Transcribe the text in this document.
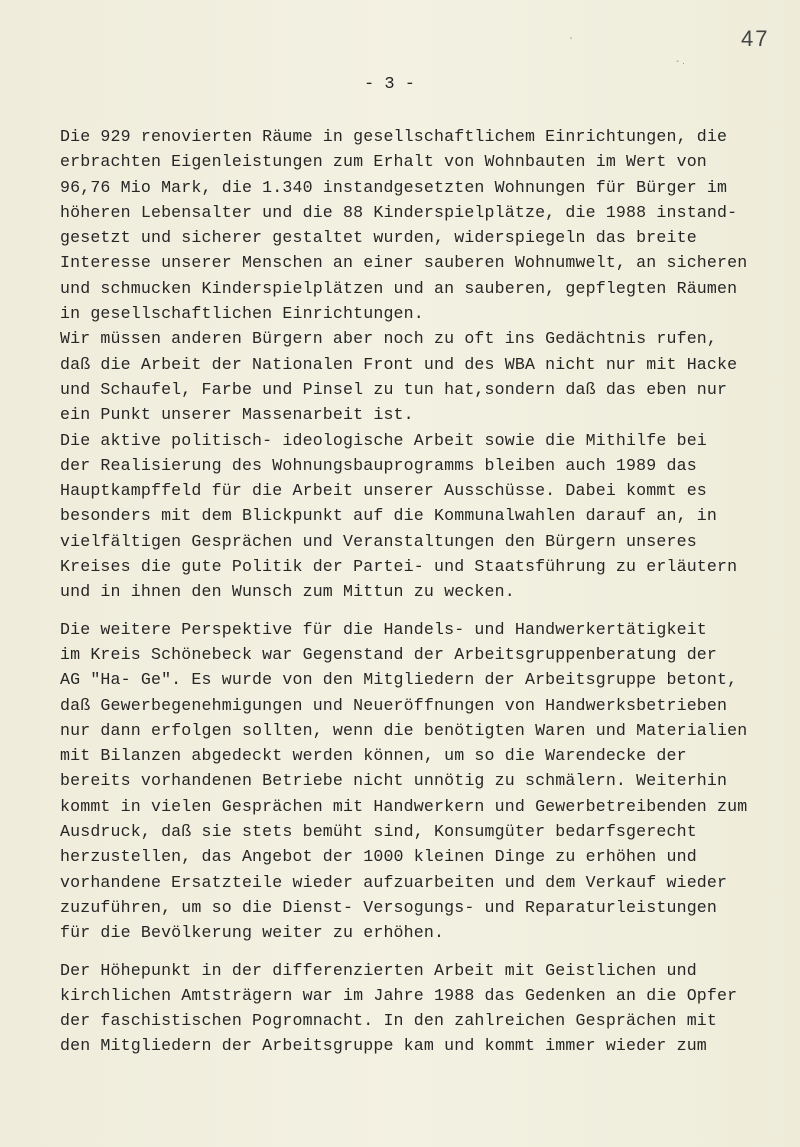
'
- .
47
- 3 -
Die 929 renovierten Räume in gesellschaftlichem Einrichtungen, die
erbrachten Eigenleistungen zum Erhalt von Wohnbauten im Wert von
96,76 Mio Mark, die 1.340 instandgesetzten Wohnungen für Bürger im
höheren Lebensalter und die 88 Kinderspielplätze, die 1988 instand-
gesetzt und sicherer gestaltet wurden, widerspiegeln das breite
Interesse unserer Menschen an einer sauberen Wohnumwelt, an sicheren
und schmucken Kinderspielplätzen und an sauberen, gepflegten Räumen
in gesellschaftlichen Einrichtungen.
Wir müssen anderen Bürgern aber noch zu oft ins Gedächtnis rufen,
daß die Arbeit der Nationalen Front und des WBA nicht nur mit Hacke
und Schaufel, Farbe und Pinsel zu tun hat,sondern daß das eben nur
ein Punkt unserer Massenarbeit ist.
Die aktive politisch- ideologische Arbeit sowie die Mithilfe bei
der Realisierung des Wohnungsbauprogramms bleiben auch 1989 das
Hauptkampffeld für die Arbeit unserer Ausschüsse. Dabei kommt es
besonders mit dem Blickpunkt auf die Kommunalwahlen darauf an, in
vielfältigen Gesprächen und Veranstaltungen den Bürgern unseres
Kreises die gute Politik der Partei- und Staatsführung zu erläutern
und in ihnen den Wunsch zum Mittun zu wecken.
Die weitere Perspektive für die Handels- und Handwerkertätigkeit
im Kreis Schönebeck war Gegenstand der Arbeitsgruppenberatung der
AG "Ha- Ge". Es wurde von den Mitgliedern der Arbeitsgruppe betont,
daß Gewerbegenehmigungen und Neueröffnungen von Handwerksbetrieben
nur dann erfolgen sollten, wenn die benötigten Waren und Materialien
mit Bilanzen abgedeckt werden können, um so die Warendecke der
bereits vorhandenen Betriebe nicht unnötig zu schmälern. Weiterhin
kommt in vielen Gesprächen mit Handwerkern und Gewerbetreibenden zum
Ausdruck, daß sie stets bemüht sind, Konsumgüter bedarfsgerecht
herzustellen, das Angebot der 1000 kleinen Dinge zu erhöhen und
vorhandene Ersatzteile wieder aufzuarbeiten und dem Verkauf wieder
zuzuführen, um so die Dienst- Versogungs- und Reparaturleistungen
für die Bevölkerung weiter zu erhöhen.
Der Höhepunkt in der differenzierten Arbeit mit Geistlichen und
kirchlichen Amtsträgern war im Jahre 1988 das Gedenken an die Opfer
der faschistischen Pogromnacht. In den zahlreichen Gesprächen mit
den Mitgliedern der Arbeitsgruppe kam und kommt immer wieder zum
